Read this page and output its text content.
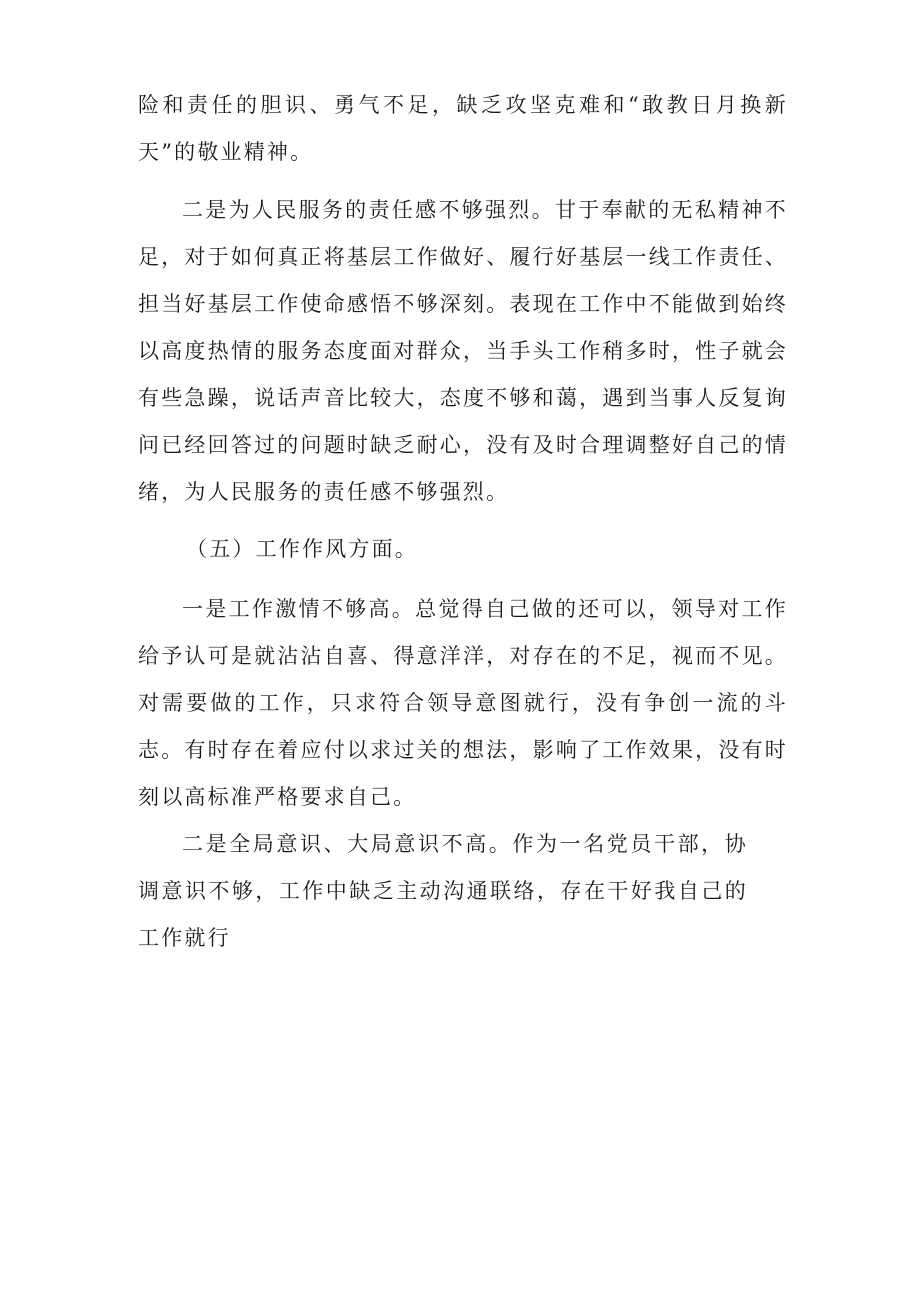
险和责任的胆识、勇气不足，缺乏攻坚克难和“敢教日月换新天”的敬业精神。

二是为人民服务的责任感不够强烈。甘于奉献的无私精神不足，对于如何真正将基层工作做好、履行好基层一线工作责任、担当好基层工作使命感悟不够深刻。表现在工作中不能做到始终以高度热情的服务态度面对群众，当手头工作稍多时，性子就会有些急躁，说话声音比较大，态度不够和蔼，遇到当事人反复询问已经回答过的问题时缺乏耐心，没有及时合理调整好自己的情绪，为人民服务的责任感不够强烈。

（五）工作作风方面。

一是工作激情不够高。总觉得自己做的还可以，领导对工作给予认可是就沾沾自喜、得意洋洋，对存在的不足，视而不见。对需要做的工作，只求符合领导意图就行，没有争创一流的斗志。有时存在着应付以求过关的想法，影响了工作效果，没有时刻以高标准严格要求自己。

二是全局意识、大局意识不高。作为一名党员干部，协调意识不够，工作中缺乏主动沟通联络，存在干好我自己的工作就行
